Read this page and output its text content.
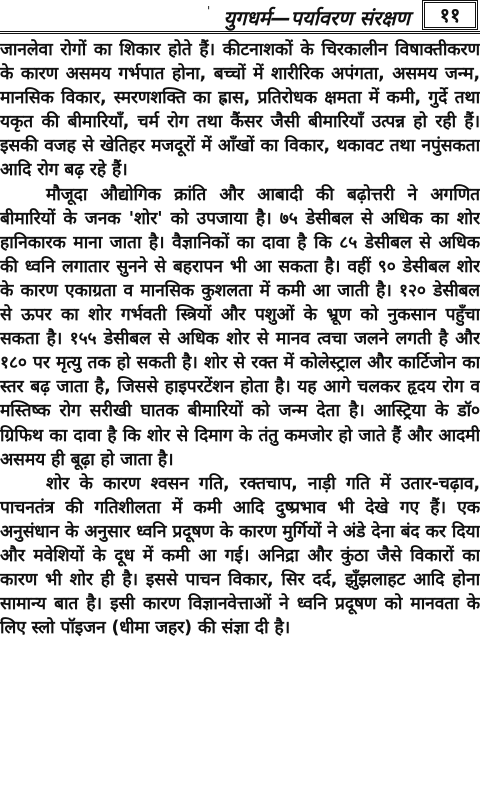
' युगधर्म—पर्यावरण संरक्षण	११

जानलेवा रोगों का शिकार होते हैं। कीटनाशकों के चिरकालीन विषाक्तीकरण के कारण असमय गर्भपात होना, बच्चों में शारीरिक अपंगता, असमय जन्म, मानसिक विकार, स्मरणशक्ति का ह्रास, प्रतिरोधक क्षमता में कमी, गुर्दे तथा यकृत की बीमारियाँ, चर्म रोग तथा कैंसर जैसी बीमारियाँ उत्पन्न हो रही हैं। इसकी वजह से खेतिहर मजदूरों में आँखों का विकार, थकावट तथा नपुंसकता आदि रोग बढ़ रहे हैं।

मौजूदा औद्योगिक क्रांति और आबादी की बढ़ोत्तरी ने अगणित बीमारियों के जनक 'शोर' को उपजाया है। ७५ डेसीबल से अधिक का शोर हानिकारक माना जाता है। वैज्ञानिकों का दावा है कि ८५ डेसीबल से अधिक की ध्वनि लगातार सुनने से बहरापन भी आ सकता है। वहीं ९० डेसीबल शोर के कारण एकाग्रता व मानसिक कुशलता में कमी आ जाती है। १२० डेसीबल से ऊपर का शोर गर्भवती स्त्रियों और पशुओं के भ्रूण को नुकसान पहुँचा सकता है। १५५ डेसीबल से अधिक शोर से मानव त्वचा जलने लगती है और १८० पर मृत्यु तक हो सकती है। शोर से रक्त में कोलेस्ट्राल और कार्टिजोन का स्तर बढ़ जाता है, जिससे हाइपरटेंशन होता है। यह आगे चलकर हृदय रोग व मस्तिष्क रोग सरीखी घातक बीमारियों को जन्म देता है। आस्ट्रिया के डॉ० ग्रिफिथ का दावा है कि शोर से दिमाग के तंतु कमजोर हो जाते हैं और आदमी असमय ही बूढ़ा हो जाता है।

शोर के कारण श्वसन गति, रक्तचाप, नाड़ी गति में उतार-चढ़ाव, पाचनतंत्र की गतिशीलता में कमी आदि दुष्प्रभाव भी देखे गए हैं। एक अनुसंधान के अनुसार ध्वनि प्रदूषण के कारण मुर्गियों ने अंडे देना बंद कर दिया और मवेशियों के दूध में कमी आ गई। अनिद्रा और कुंठा जैसे विकारों का कारण भी शोर ही है। इससे पाचन विकार, सिर दर्द, झुँझलाहट आदि होना सामान्य बात है। इसी कारण विज्ञानवेत्ताओं ने ध्वनि प्रदूषण को मानवता के लिए स्लो पॉइजन (धीमा जहर) की संज्ञा दी है।
